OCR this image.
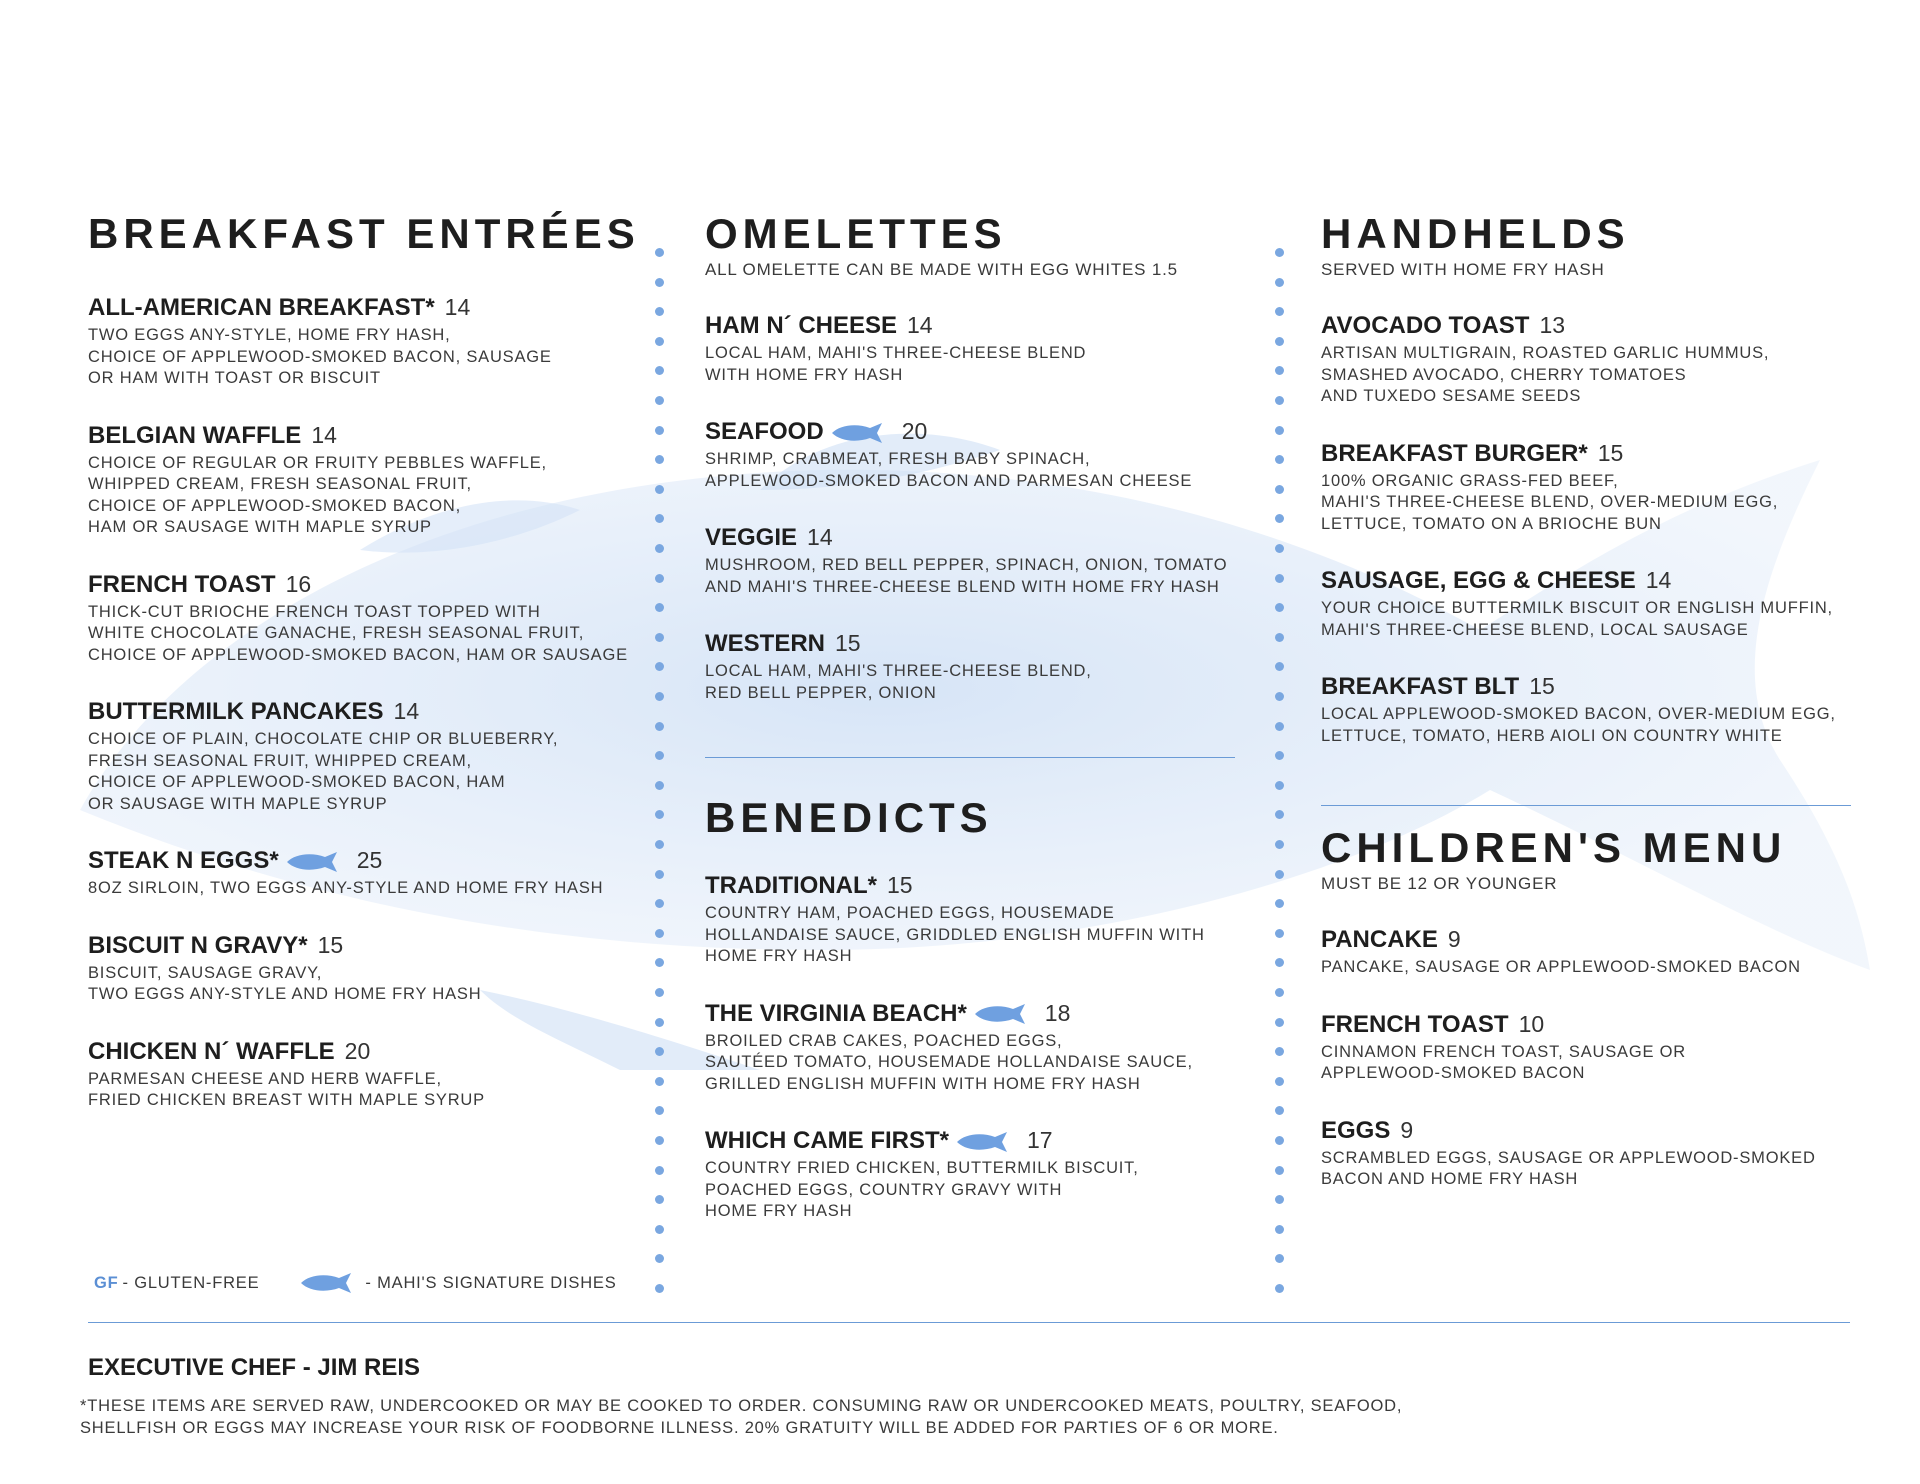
BREAKFAST ENTRÉES
ALL-AMERICAN BREAKFAST* 14
TWO EGGS ANY-STYLE, HOME FRY HASH,
CHOICE OF APPLEWOOD-SMOKED BACON, SAUSAGE
OR HAM WITH TOAST OR BISCUIT
BELGIAN WAFFLE 14
CHOICE OF REGULAR OR FRUITY PEBBLES WAFFLE,
WHIPPED CREAM, FRESH SEASONAL FRUIT,
CHOICE OF APPLEWOOD-SMOKED BACON,
HAM OR SAUSAGE WITH MAPLE SYRUP
FRENCH TOAST 16
THICK-CUT BRIOCHE FRENCH TOAST TOPPED WITH
WHITE CHOCOLATE GANACHE, FRESH SEASONAL FRUIT,
CHOICE OF APPLEWOOD-SMOKED BACON, HAM OR SAUSAGE
BUTTERMILK PANCAKES 14
CHOICE OF PLAIN, CHOCOLATE CHIP OR BLUEBERRY,
FRESH SEASONAL FRUIT, WHIPPED CREAM,
CHOICE OF APPLEWOOD-SMOKED BACON, HAM
OR SAUSAGE WITH MAPLE SYRUP
STEAK N EGGS*	25
8OZ SIRLOIN, TWO EGGS ANY-STYLE AND HOME FRY HASH
BISCUIT N GRAVY* 15
BISCUIT, SAUSAGE GRAVY,
TWO EGGS ANY-STYLE AND HOME FRY HASH
CHICKEN N´ WAFFLE 20
PARMESAN CHEESE AND HERB WAFFLE,
FRIED CHICKEN BREAST WITH MAPLE SYRUP
OMELETTES

ALL OMELETTE CAN BE MADE WITH EGG WHITES 1.5

HAM N´ CHEESE 14
LOCAL HAM, MAHI'S THREE-CHEESE BLEND
WITH HOME FRY HASH
SEAFOOD	20
SHRIMP, CRABMEAT, FRESH BABY SPINACH,
APPLEWOOD-SMOKED BACON AND PARMESAN CHEESE
VEGGIE 14
MUSHROOM, RED BELL PEPPER, SPINACH, ONION, TOMATO
AND MAHI'S THREE-CHEESE BLEND WITH HOME FRY HASH
WESTERN 15
LOCAL HAM, MAHI'S THREE-CHEESE BLEND,
RED BELL PEPPER, ONION
BENEDICTS
TRADITIONAL* 15
COUNTRY HAM, POACHED EGGS, HOUSEMADE
HOLLANDAISE SAUCE, GRIDDLED ENGLISH MUFFIN WITH
HOME FRY HASH
THE VIRGINIA BEACH*	18
BROILED CRAB CAKES, POACHED EGGS,
SAUTÉED TOMATO, HOUSEMADE HOLLANDAISE SAUCE,
GRILLED ENGLISH MUFFIN WITH HOME FRY HASH
WHICH CAME FIRST*	17
COUNTRY FRIED CHICKEN, BUTTERMILK BISCUIT,
POACHED EGGS, COUNTRY GRAVY WITH
HOME FRY HASH
HANDHELDS

SERVED WITH HOME FRY HASH

AVOCADO TOAST 13
ARTISAN MULTIGRAIN, ROASTED GARLIC HUMMUS,
SMASHED AVOCADO, CHERRY TOMATOES
AND TUXEDO SESAME SEEDS
BREAKFAST BURGER* 15
100% ORGANIC GRASS-FED BEEF,
MAHI'S THREE-CHEESE BLEND, OVER-MEDIUM EGG,
LETTUCE, TOMATO ON A BRIOCHE BUN
SAUSAGE, EGG & CHEESE 14
YOUR CHOICE BUTTERMILK BISCUIT OR ENGLISH MUFFIN,
MAHI'S THREE-CHEESE BLEND, LOCAL SAUSAGE
BREAKFAST BLT 15
LOCAL APPLEWOOD-SMOKED BACON, OVER-MEDIUM EGG,
LETTUCE, TOMATO, HERB AIOLI ON COUNTRY WHITE
CHILDREN'S MENU

MUST BE 12 OR YOUNGER

PANCAKE 9
PANCAKE, SAUSAGE OR APPLEWOOD-SMOKED BACON
FRENCH TOAST 10
CINNAMON FRENCH TOAST, SAUSAGE OR
APPLEWOOD-SMOKED BACON
EGGS 9
SCRAMBLED EGGS, SAUSAGE OR APPLEWOOD-SMOKED
BACON AND HOME FRY HASH
GF - GLUTEN-FREE	- MAHI'S SIGNATURE DISHES
EXECUTIVE CHEF - JIM REIS
*THESE ITEMS ARE SERVED RAW, UNDERCOOKED OR MAY BE COOKED TO ORDER. CONSUMING RAW OR UNDERCOOKED MEATS, POULTRY, SEAFOOD,
SHELLFISH OR EGGS MAY INCREASE YOUR RISK OF FOODBORNE ILLNESS. 20% GRATUITY WILL BE ADDED FOR PARTIES OF 6 OR MORE.
